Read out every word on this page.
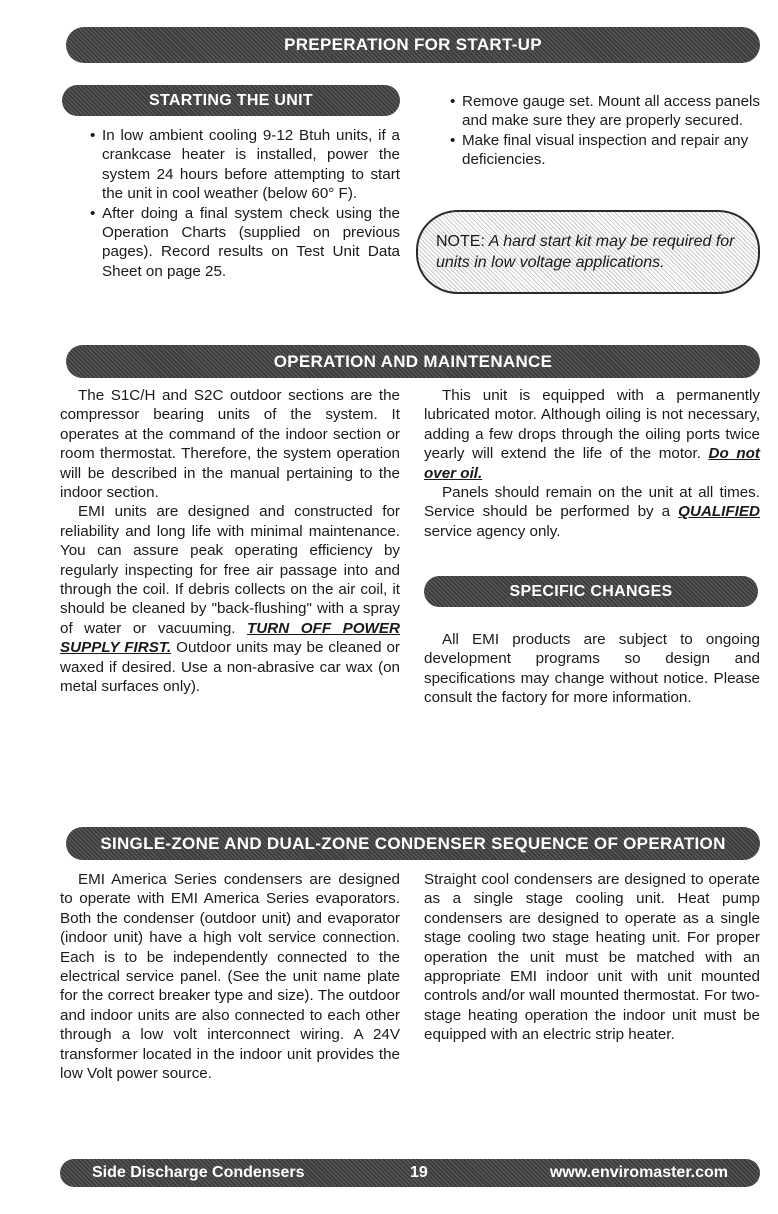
PREPERATION FOR START-UP
STARTING THE UNIT

• In low ambient cooling 9-12 Btuh units, if a crankcase heater is installed, power the system 24 hours before attempting to start the unit in cool weather (below 60° F).

• After doing a final system check using the Operation Charts (supplied on previous pages). Record results on Test Unit Data Sheet on page 25.

• Remove gauge set. Mount all access panels and make sure they are properly secured.

• Make final visual inspection and repair any deficiencies.

NOTE: A hard start kit may be required for units in low voltage applications.
OPERATION AND MAINTENANCE

The S1C/H and S2C outdoor sections are the compressor bearing units of the system. It operates at the command of the indoor section or room thermostat. Therefore, the system operation will be described in the manual pertaining to the indoor section.

EMI units are designed and constructed for reliability and long life with minimal maintenance. You can assure peak operating efficiency by regularly inspecting for free air passage into and through the coil. If debris collects on the air coil, it should be cleaned by "back-flushing" with a spray of water or vacuuming. TURN OFF POWER SUPPLY FIRST. Outdoor units may be cleaned or waxed if desired. Use a non-abrasive car wax (on metal surfaces only).

This unit is equipped with a permanently lubricated motor. Although oiling is not necessary, adding a few drops through the oiling ports twice yearly will extend the life of the motor. Do not over oil.

Panels should remain on the unit at all times. Service should be performed by a QUALIFIED service agency only.

SPECIFIC CHANGES

All EMI products are subject to ongoing development programs so design and specifications may change without notice. Please consult the factory for more information.

SINGLE-ZONE AND DUAL-ZONE CONDENSER SEQUENCE OF OPERATION

EMI America Series condensers are designed to operate with EMI America Series evaporators. Both the condenser (outdoor unit) and evaporator (indoor unit) have a high volt service connection. Each is to be independently connected to the electrical service panel. (See the unit name plate for the correct breaker type and size). The outdoor and indoor units are also connected to each other through a low volt interconnect wiring. A 24V transformer located in the indoor unit provides the low Volt power source.

Straight cool condensers are designed to operate as a single stage cooling unit. Heat pump condensers are designed to operate as a single stage cooling two stage heating unit. For proper operation the unit must be matched with an appropriate EMI indoor unit with unit mounted controls and/or wall mounted thermostat. For two-stage heating operation the indoor unit must be equipped with an electric strip heater.

Side Discharge Condensers	19	www.enviromaster.com
